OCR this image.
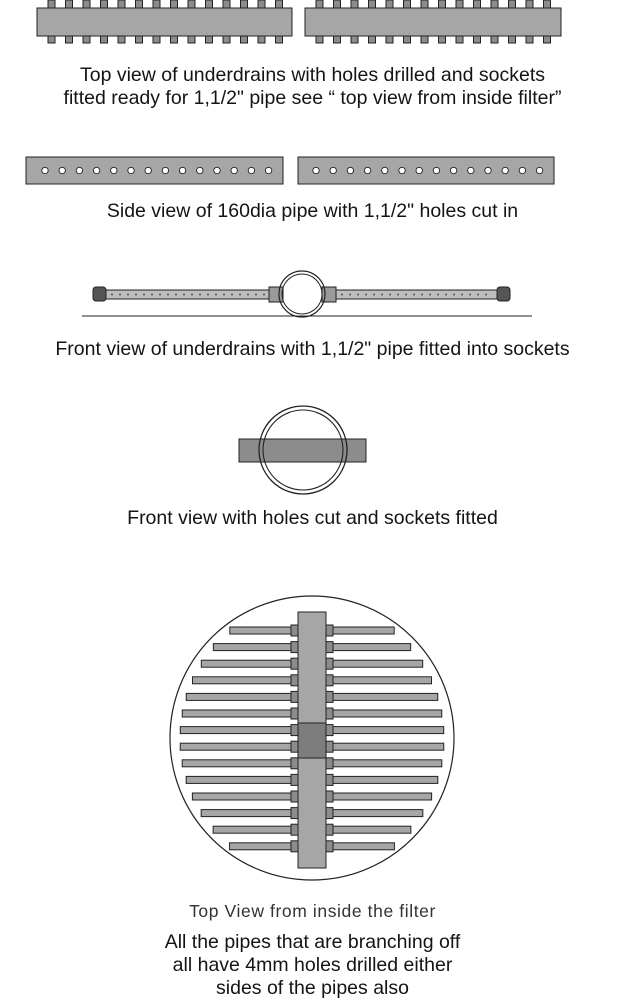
Top view of underdrains with holes drilled and sockets
fitted ready for 1,1/2" pipe see “ top view from inside filter”
Side view of 160dia pipe with 1,1/2" holes cut in
Front view of underdrains with 1,1/2" pipe fitted into sockets
Front view with holes cut and sockets fitted
Top View from inside the filter
All the pipes that are branching off
all have 4mm holes drilled either
sides of the pipes also
